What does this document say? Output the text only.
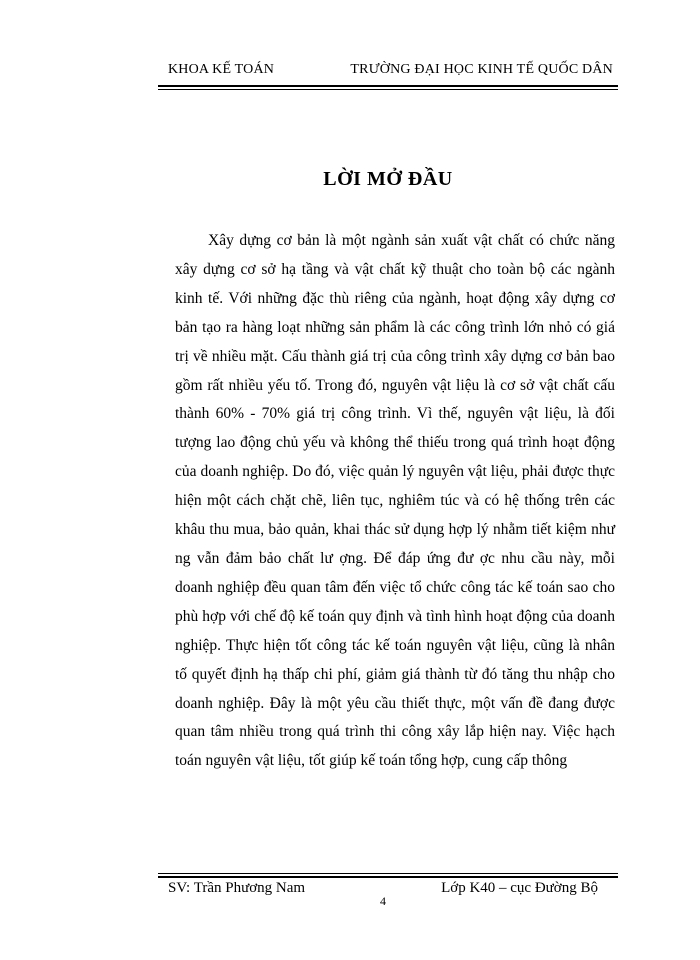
KHOA KẾ TOÁN	TRƯỜNG ĐẠI HỌC KINH TẾ QUỐC DÂN
LỜI MỞ ĐẦU

Xây dựng cơ bản là một ngành sản xuất vật chất có chức năng xây dựng cơ sở hạ tầng và vật chất kỹ thuật cho toàn bộ các ngành kinh tế. Với những đặc thù riêng của ngành, hoạt động xây dựng cơ bản tạo ra hàng loạt những sản phẩm là các công trình lớn nhỏ có giá trị về nhiều mặt. Cấu thành giá trị của công trình xây dựng cơ bản bao gồm rất nhiều yếu tố. Trong đó, nguyên vật liệu là cơ sở vật chất cấu thành 60% - 70% giá trị công trình. Vì thế, nguyên vật liệu, là đối tượng lao động chủ yếu và không thể thiếu trong quá trình hoạt động của doanh nghiệp. Do đó, việc quản lý nguyên vật liệu, phải được thực hiện một cách chặt chẽ, liên tục, nghiêm túc và có hệ thống trên các khâu thu mua, bảo quản, khai thác sử dụng hợp lý nhằm tiết kiệm như ng vẫn đảm bảo chất lư ợng. Để đáp ứng đư ợc nhu cầu này, mỗi doanh nghiệp đều quan tâm đến việc tổ chức công tác kế toán sao cho phù hợp với chế độ kế toán quy định và tình hình hoạt động của doanh nghiệp. Thực hiện tốt công tác kế toán nguyên vật liệu, cũng là nhân tố quyết định hạ thấp chi phí, giảm giá thành từ đó tăng thu nhập cho doanh nghiệp. Đây là một yêu cầu thiết thực, một vấn đề đang được quan tâm nhiều trong quá trình thi công xây lắp hiện nay. Việc hạch toán nguyên vật liệu, tốt giúp kế toán tổng hợp, cung cấp thông

SV: Trần Phương Nam	Lớp K40 – cục Đường Bộ
4
